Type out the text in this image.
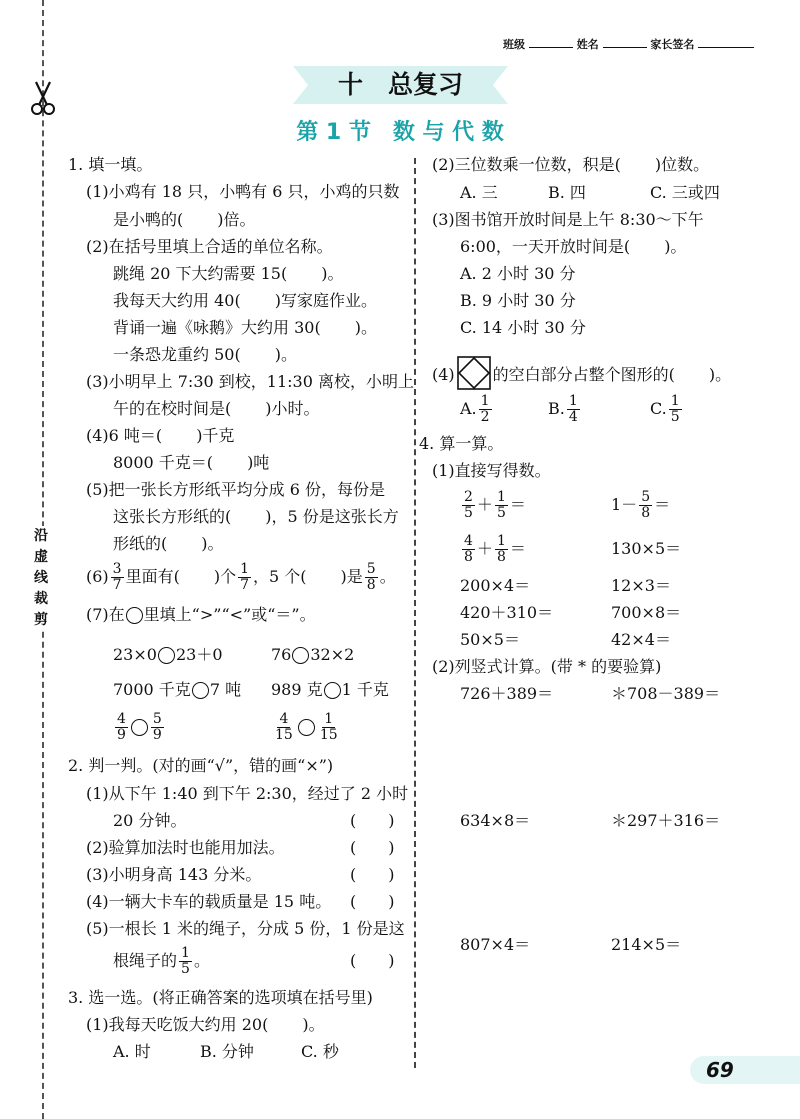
沿虚线裁剪
班级	姓名	家长签名
十　总复习
第 1 节　数 与 代 数
1. 填一填。
(1)小鸡有 18 只，小鸭有 6 只，小鸡的只数
是小鸭的( )倍。
(2)在括号里填上合适的单位名称。
跳绳 20 下大约需要 15( )。
我每天大约用 40( )写家庭作业。
背诵一遍《咏鹅》大约用 30( )。
一条恐龙重约 50( )。
(3)小明早上 7:30 到校，11:30 离校，小明上
午的在校时间是( )小时。
(4)6 吨＝( )千克
8000 千克＝( )吨
(5)把一张长方形纸平均分成 6 份，每份是
这张长方形纸的( )，5 份是这张长方
形纸的( )。
$(6) \frac{3}{7}$ 里面有( )个 $\frac{1}{7}$ ，5 个( )是 $\frac{5}{8}$ 。
(7)在 里填上“>”“<”或“＝”。
23×0 23＋0	76 32×2
7000 千克 7 吨 989 克 1 千克
$\frac{4}{9} \frac{5}{9}$	$\frac{4}{15} \frac{1}{15}$
2. 判一判。(对的画“√”，错的画“×”)
(1)从下午 1:40 到下午 2:30，经过了 2 小时
20 分钟。	(　　)
(2)验算加法时也能用加法。	(　　)
(3)小明身高 143 分米。	(　　)
(4)一辆大卡车的载质量是 15 吨。 (　　)
(5)一根长 1 米的绳子，分成 5 份，1 份是这
根绳子的 $\frac{1}{5}$ 。	(　　)
3. 选一选。(将正确答案的选项填在括号里)
(1)我每天吃饭大约用 20( )。
A. 时	B. 分钟	C. 秒
(2)三位数乘一位数，积是( )位数。
A. 三	B. 四	C. 三或四
(3)图书馆开放时间是上午 8:30～下午
6:00，一天开放时间是( )。
A. 2 小时 30 分
B. 9 小时 30 分
C. 14 小时 30 分
(4) 的空白部分占整个图形的( )。
A. $\frac{1}{2}$	B. $\frac{1}{4}$	C. $\frac{1}{5}$
4. 算一算。
(1)直接写得数。
$\frac{2}{5} + \frac{1}{5}$ ＝	$1- \frac{5}{8}$ ＝
$\frac{4}{8} + \frac{1}{8}$ ＝	130×5＝
200×4＝	12×3＝
420＋310＝	700×8＝
50×5＝	42×4＝
(2)列竖式计算。(带 * 的要验算)
726＋389＝	＊708－389＝
634×8＝	＊297＋316＝
807×4＝	214×5＝
69
